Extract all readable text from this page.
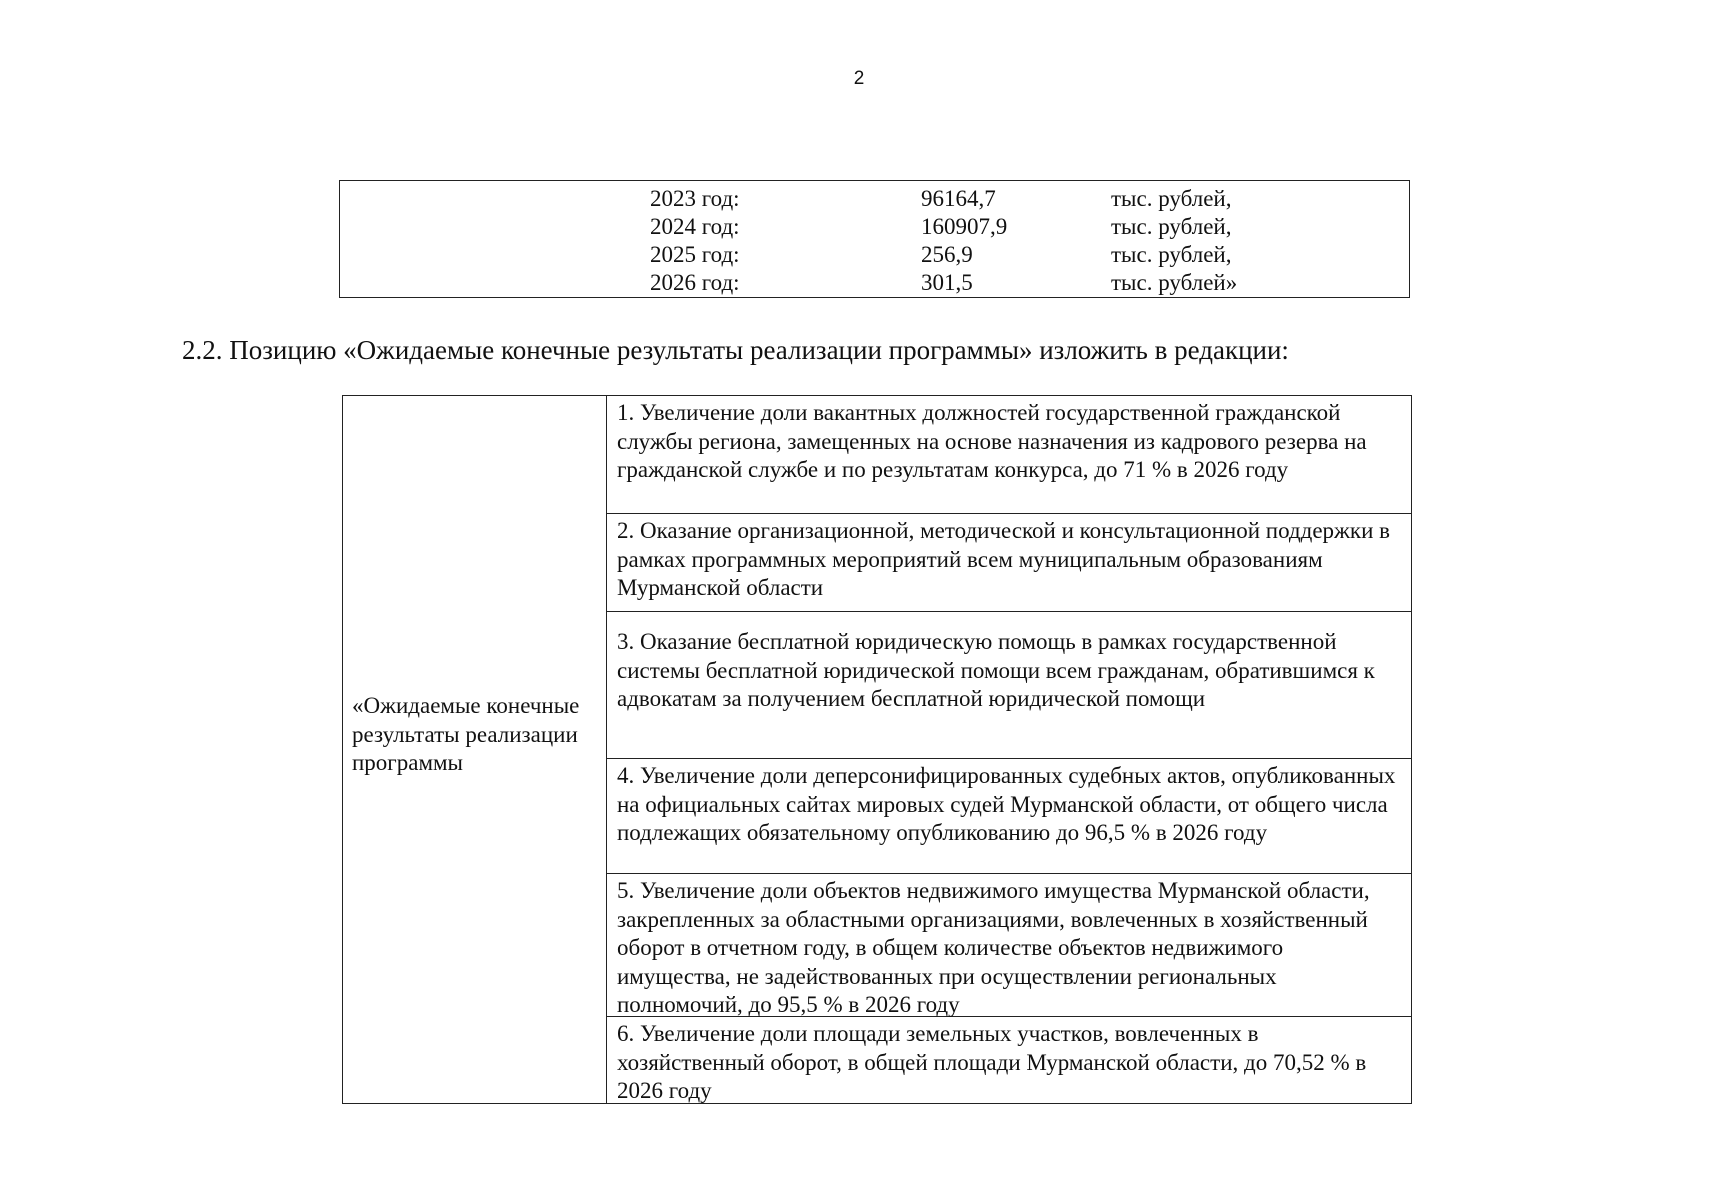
2
2023 год:	96164,7	тыс. рублей,
2024 год:	160907,9	тыс. рублей,
2025 год:	256,9	тыс. рублей,
2026 год:	301,5	тыс. рублей»
2.2. Позицию «Ожидаемые конечные результаты реализации программы» изложить в редакции:
«Ожидаемые конечные результаты реализации программы
1. Увеличение доли вакантных должностей государственной гражданской службы региона, замещенных на основе назначения из кадрового резерва на гражданской службе и по результатам конкурса, до 71 % в 2026 году
2. Оказание организационной, методической и консультационной поддержки в рамках программных мероприятий всем муниципальным образованиям Мурманской области
3. Оказание бесплатной юридическую помощь в рамках государственной системы бесплатной юридической помощи всем гражданам, обратившимся к адвокатам за получением бесплатной юридической помощи
4. Увеличение доли деперсонифицированных судебных актов, опубликованных на официальных сайтах мировых судей Мурманской области, от общего числа подлежащих обязательному опубликованию до 96,5 % в 2026 году
5. Увеличение доли объектов недвижимого имущества Мурманской области, закрепленных за областными организациями, вовлеченных в хозяйственный оборот в отчетном году, в общем количестве объектов недвижимого имущества, не задействованных при осуществлении региональных полномочий, до 95,5 % в 2026 году
6. Увеличение доли площади земельных участков, вовлеченных в хозяйственный оборот, в общей площади Мурманской области, до 70,52 % в 2026 году
